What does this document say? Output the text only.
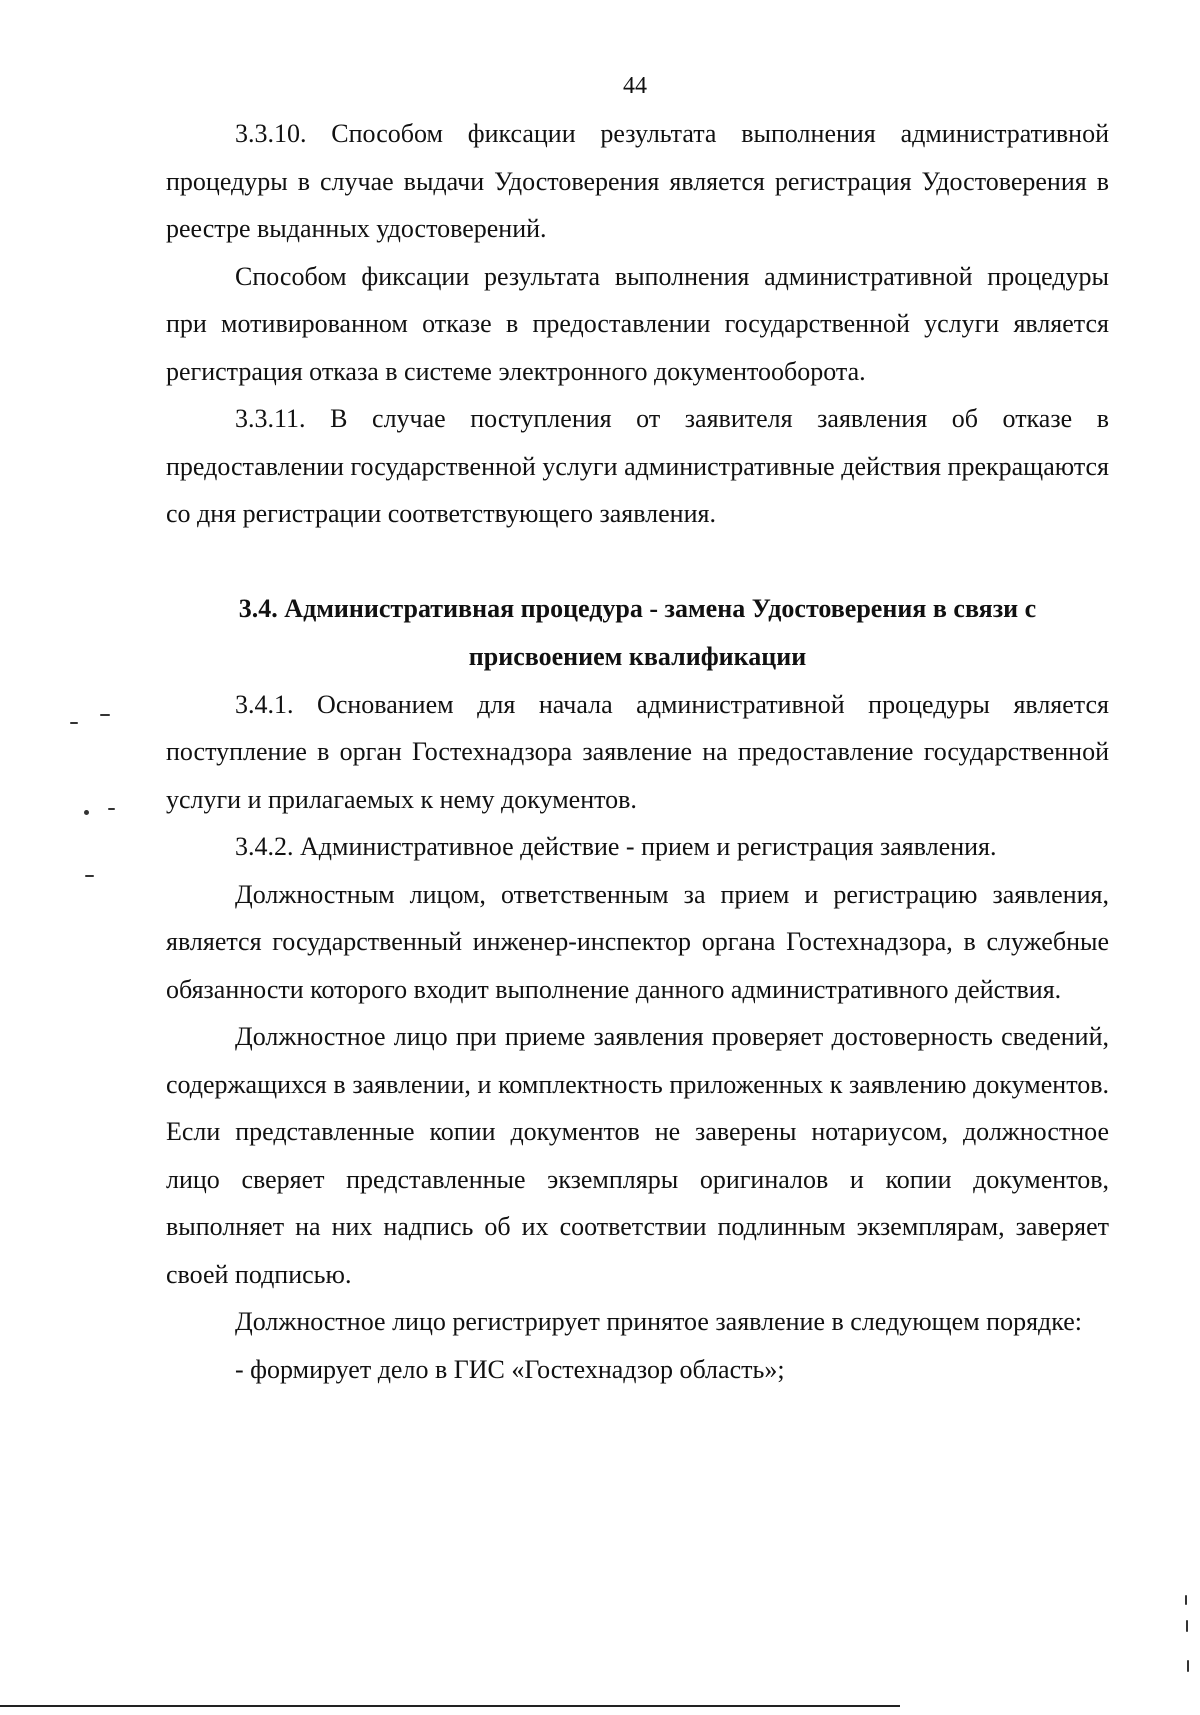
44

3.3.10. Способом фиксации результата выполнения административной процедуры в случае выдачи Удостоверения является регистрация Удостоверения в реестре выданных удостоверений.

Способом фиксации результата выполнения административной процедуры при мотивированном отказе в предоставлении государственной услуги является регистрация отказа в системе электронного документооборота.

3.3.11. В случае поступления от заявителя заявления об отказе в предоставлении государственной услуги административные действия прекращаются со дня регистрации соответствующего заявления.

3.4. Административная процедура - замена Удостоверения в связи с
присвоением квалификации

3.4.1. Основанием для начала административной процедуры является поступление в орган Гостехнадзора заявление на предоставление государственной услуги и прилагаемых к нему документов.

3.4.2. Административное действие - прием и регистрация заявления.

Должностным лицом, ответственным за прием и регистрацию заявления, является государственный инженер-инспектор органа Гостехнадзора, в служебные обязанности которого входит выполнение данного административного действия.

Должностное лицо при приеме заявления проверяет достоверность сведений, содержащихся в заявлении, и комплектность приложенных к заявлению документов. Если представленные копии документов не заверены нотариусом, должностное лицо сверяет представленные экземпляры оригиналов и копии документов, выполняет на них надпись об их соответствии подлинным экземплярам, заверяет своей подписью.

Должностное лицо регистрирует принятое заявление в следующем порядке:

- формирует дело в ГИС «Гостехнадзор область»;
